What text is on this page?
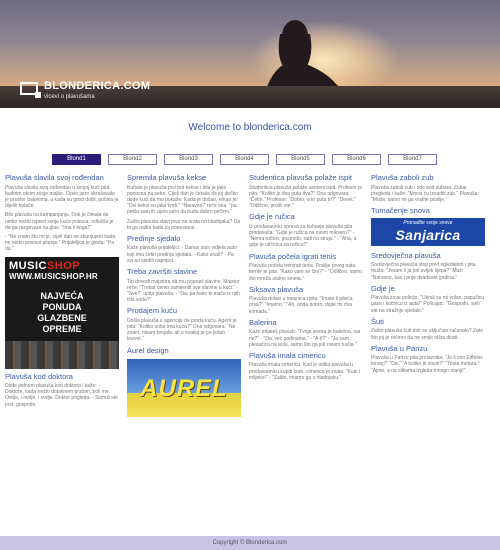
BLONDERICA.COM
vicevi o plavušama
Welcome to blonderica.com
Blond1	Blond2	Blond3	Blond4	Blond5	Blond6	Blond7
Plavuša slavila svoj rođendan
Plavuša slavila svoj rođendan u svojoj kući pod budnim okom svoje majke. Cijelo jutro ukrašavala je prostor balonima, a kada su gosti došli, počela je dijeliti kolače.
Bilo plavuša na kampanjanju. Dok je čekala da netko nešto ispred svoje kuće pokuca, odlučila je da ga razgovara na glas: "Ima li koga?"
- "Ne znam što mi je, cijeli dan se zbunjujem kada mi netko postavi pitanje." Prijateljica je gleda: "Pa da."
MUSICSHOP
WWW.MUSICSHOP.HR
NAJVEĆA
PONUDA
GLAZBENE
OPREME
Plavuša kod doktora
Dođe jednom plavuša kod doktora i kaže: - Doktore, kada nešto dotaknem prstom, boli me. Ovdje, i ovdje, i ovdje. Doktor pogleda: - Slomili ste prst, gospođo.
Spremila plavuša kekse
Kuhala je plavuša prvi put kekse i bila je jako ponosna na sebe. Cijeli dan je čekala da joj dečko dođe kući da mu pokaže. Kada je došao, rekao je: "Ovi keksi su jako tvrdi." "Naravno," reče ona, "pa pekla sam ih cijelo jutro da budu dobro pečeni."
Zašto plavuša stavi pivo na vrata od hladnjaka? Da bi ga našla kada joj ponestane.
Predinje sjedalo
Kaže plavuša prijateljici: - Danas sam vidjela auto koji ima četiri prednja sjedala. - Kako znaš? - Pa svi su sjedili naprijed.
Treba završiti slavine
Tip dovodi majstora da mu popravi slavine. Majstor reče: "Trebat ćemo zamijeniti sve slavine u kući." - "Sve?" upita plavuša. - "Da, pa kako bi inače iz njih išla voda?"
Prodajem kuću
Došla plavuša u agenciju da proda kuću. Agent je pita: "Koliko soba ima kuća?" Ona odgovara: "Ne znam, nisam brojala, ali u svakoj je po jedan krevet."
Aurel design
AUREL
Studentica plavuša polaže ispit
Studentica plavuša polaže usmeni ispit. Profesor je pita: "Koliko je dva puta dva?" Ona odgovara: "Četiri." Profesor: "Dobro, a tri puta tri?" "Devet." "Odlično, prošli ste."
Gdje je ručica
U prodavaonici sprava za kuhanje plavuša pita prodavača: "Gdje je ručica na ovom mikseru?" - "Nema ručice, gospođo, radi na struju." - "Aha, a gdje je utičnica za ručicu?"
Plavuša počela igrati tenis
Plavuša počela trenirati tenis. Poslije prvog sata trener je pita: "Kako vam se čini?" - "Odlično, samo što mreža stalno smeta."
Siksava plavuša
Plavuša dolazi u mesnicu i pita: "Imate li pileća prsa?" "Imamo." "Ah, onda dobro, dajte mi dva komada."
Balerina
Kaže prijatelj plavuši: "Tvoja sestra je balerina, zar ne?" - "Da, već godinama." - "A ti?" - "Ja sam plesačica na ledu, samo što ga još nisam našla."
Plavuša imala cimericu
Plavuša imala cimericu. Kad je otišla plavuša u prodavaonicu kupiti kruh, cimerica je zvala: "Kupi i mlijeko!" - "Zašto, imamo ga u hladnjaku."
Plavuša zaboli zub
Plavuša zaboli zub i ode kod zubara. Zubar pregleda i kaže: "Morat ću izvaditi zub." Plavuša: "Može, samo mi ga vratite poslije."
Tumačenje snova
Pronađite svoje snove
Sanjarica
Sredovječna plavuša
Sredovječna plavuša stoji pred ogledalom i pita muža: "Jesam li ja još uvijek lijepa?" Muž: "Naravno, kao i prije dvadeset godina."
Gdje je
Plavuša zove policiju: "Ukrali su mi volan, papučicu gasa i kočnicu iz auta!" Policajac: "Gospođo, sjeli ste na stražnje sjedalo."
Šuti
Zašto plavuša šuti dok se uključuje računalo? Zato što joj je rečeno da ne smije ništa dirati.
Plavuša u Parizu
Plavuša u Parizu pita prolaznika: "Je li ovo Eiffelov toranj?" "Da." "A koliko je visok?" "Trista metara." "Ajme, a na slikama izgleda mnogo manji!"
Copyright © Blonderica.com
